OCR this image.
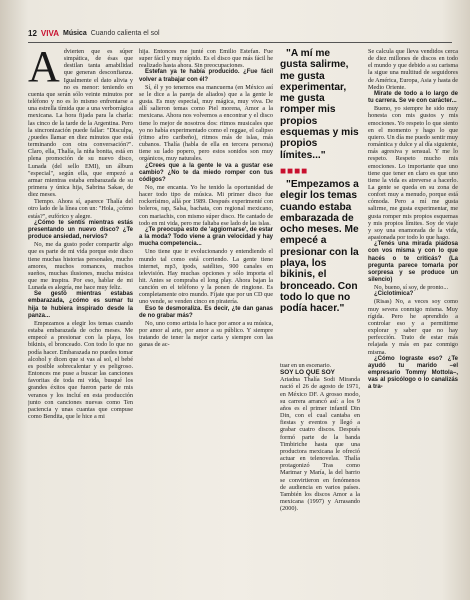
12 VIVA Música Cuando calienta el sol
A dvierten que es súper simpática, de ésas que destilan tanta amabilidad que generan desconfianza. Igualmente el dato alivia y no es menor: teniendo en cuenta que serán sólo veinte minutos por teléfono y no es lo mismo enfrentarse a una estrella tímida que a una verborrágica mexicana. La hora fijada para la charla: las cinco de la tarde de la Argentina. Pero la sincronización puede fallar: "Disculpa, ¿puedes llamar en diez minutos que está terminando con otra conversación?". Claro, ella, Thalía, la niña bonita, está en plena promoción de su nuevo disco, Lunada (del sello EMI), un álbum "especial", según ella, que empezó a armar mientras estaba embarazada de su primera y única hija, Sabrina Sakae, de diez meses.

Tiempo. Ahora sí, aparece Thalía del otro lado de la línea con un: "Hola, ¿cómo estás?", eufórico y alegre.

¿Cómo te sentís mientras estás presentando un nuevo disco? ¿Te produce ansiedad, nervios?

No, me da gusto poder compartir algo que es parte de mi vida porque este disco tiene muchas historias personales, mucho amores, muchos romances, muchos sueños, muchas ilusiones, mucha música que me inspira. Por eso, hablar de mi Lunada es alegría, me hace muy feliz.

Se gestó mientras estabas embarazada, ¿cómo es sumar tu hija te hubiera inspirado desde la panza...

Empezamos a elegir los temas cuando estaba embarazada de ocho meses. Me empecé a presionar con la playa, los bikinis, el bronceado. Con todo lo que no podía hacer. Embarazada no puedes tomar alcohol y dicen que si vas al sol, el bebé es posible sobrecalentar y es peligroso. Entonces me puse a buscar las canciones favoritas de toda mi vida, busqué los grandes éxitos que fueron parte de mis veranos y los incluí en esta producción junto con canciones nuevas como Ten paciencia y unas cuantas que compuse como Bendita, que le hice a mi

hija. Entonces me junté con Emilio Estefan. Fue super fácil y muy rápido. Es el disco que más fácil he realizado hasta ahora. Sin preocupaciones.

Estefan ya te había producido. ¿Fue fácil volver a trabajar con él?

Sí, él y yo tenemos esa mancuerna (en México así se le dice a la pareja de aliados) que a la gente le gusta. Es muy especial, muy mágica, muy viva. De allí salieron temas como Piel morena, Amor a la mexicana. Ahora nos volvemos a encontrar y el disco tiene lo mejor de nosotros dos: ritmos musicales que yo no había experimentado como el reggae, el calipso (ritmo afro caribeño), ritmos más de islas, más cubanos. Thalía (habla de ella en tercera persona) tiene su lado popero, pero estos sonidos son muy orgánicos, muy naturales.

¿Crees que a la gente le va a gustar ese cambio? ¿No te da miedo romper con tus códigos?

No, me encanta. Yo he tenido la oportunidad de hacer todo tipo de música. Mi primer disco fue rockerísimo, allá por 1989. Después experimenté con boleros, rap, Salsa, bachata, con regional mexicano, con mariachis, con mismo súper disco. He cantado de todo en mi vida, pero me faltaba ese lado de las islas.

¿Te preocupa esto de 'aggiornarse', de estar a la moda? Todo viene a gran velocidad y hay mucha competencia...

Uno tiene que ir evolucionando y entendiendo el mundo tal como está corriendo. La gente tiene internet, mp3, ipods, satélites, 900 canales en televisión. Hay muchas opciones y sólo importa el hit. Antes se compraba el long play. Ahora bajan la canción en el teléfono y la ponen de ringtone. Es completamente otro mundo. Fíjate que por un CD que uno vende, se venden cinco en piratería.

Eso te desmoraliza. Es decir, ¿te dan ganas de no grabar más?

No, uno como artista lo hace por amor a su música, por amor al arte, por amor a su público. Y siempre tratando de tener la mejor carta y siempre con las ganas de ac-

"A mí me gusta salirme, me gusta experimentar, me gusta romper mis propios esquemas y mis propios límites..."

■■■■

"Empezamos a elegir los temas cuando estaba embarazada de ocho meses. Me empecé a presionar con la playa, los bikinis, el bronceado. Con todo lo que no podía hacer."

tuar en un escenario.

SOY LO QUE SOY

Ariadna Thalía Sodi Miranda nació el 26 de agosto de 1971, en México DF. A grosso modo, su carrera arrancó así: a los 9 años es el primer infantil Din Din, con el cual cantaba en fiestas y eventos y llegó a grabar cuatro discos. Después formó parte de la banda Timbiriche hasta que una productora mexicana le ofreció actuar en telenovelas. Thalía protagonizó Tras como Marimar y María, la del barrio se convirtieron en fenómenos de audiencia en varios países. También los discos Amor a la mexicana (1997) y Arrasando (2000).

Se calcula que lleva vendidos cerca de diez millones de discos en todo el mundo y que debido a su carisma la sigue una multitud de seguidores de América, Europa, Asia y hasta de Medio Oriente.

Mirate de todo a lo largo de tu carrera. Se ve con carácter...

Bueno, yo siempre he sido muy honesta con mis gustos y mis emociones. Yo respeto lo que siento en el momento y hago lo que quiero. Un día me puedo sentir muy romántica y dulce y al día siguiente, más agresiva y sensual. Y me lo respeto. Respeto mucho mis emociones. Lo importante que uno tiene que tener en claro es que uno tiene la vida es atreverse a hacerlo. La gente se queda en su zona de confort muy a menudo, porque está cómoda. Pero a mí me gusta salirme, me gusta experimentar, me gusta romper mis propios esquemas y mis propios límites. Soy de viaje y soy una enamorada de la vida, apasionada por todo lo que hago.

¿Tenés una mirada piadosa con vos misma y con lo que hacés o te criticás? (La pregunta parece tomarla por sorpresa y se produce un silencio)

No, bueno, sí soy, de pronto...

¿Ciclotímica?

(Risas) No, a veces soy como muy severa conmigo misma. Muy rígida. Pero he aprendido a controlar eso y a permitirme explorar y saber que no hay perfección. Trato de estar más relajada y más en paz conmigo misma.

¿Cómo lograste eso? ¿Te ayudó tu marido –el empresario Tommy Mottola–, vas al psicólogo o lo canalizás a tra-
